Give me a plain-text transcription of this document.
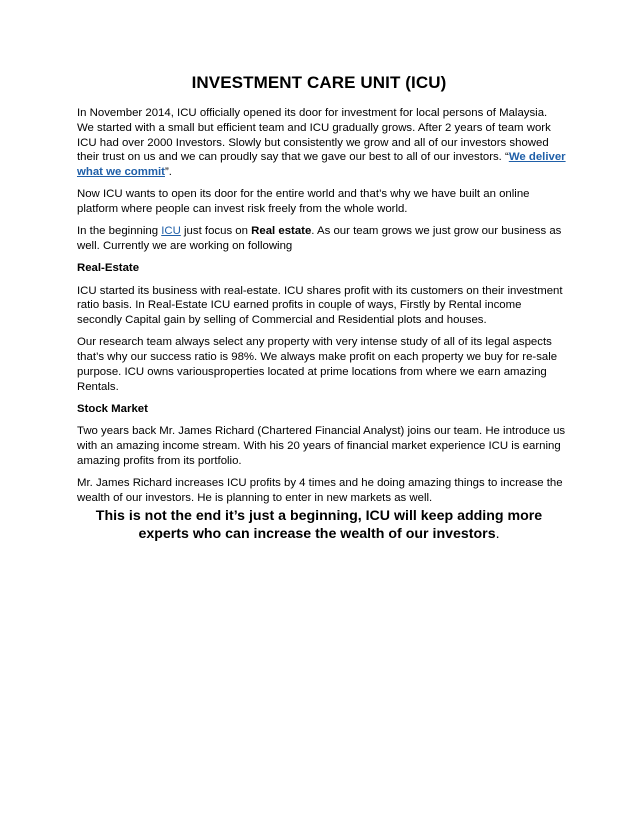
INVESTMENT CARE UNIT (ICU)

In November 2014, ICU officially opened its door for investment for local persons of Malaysia. We started with a small but efficient team and ICU gradually grows. After 2 years of team work ICU had over 2000 Investors. Slowly but consistently we grow and all of our investors showed their trust on us and we can proudly say that we gave our best to all of our investors. “We deliver what we commit”.

Now ICU wants to open its door for the entire world and that’s why we have built an online platform where people can invest risk freely from the whole world.

In the beginning ICU just focus on Real estate. As our team grows we just grow our business as well. Currently we are working on following

Real-Estate

ICU started its business with real-estate. ICU shares profit with its customers on their investment ratio basis. In Real-Estate ICU earned profits in couple of ways, Firstly by Rental income secondly Capital gain by selling of Commercial and Residential plots and houses.

Our research team always select any property with very intense study of all of its legal aspects that’s why our success ratio is 98%. We always make profit on each property we buy for re-sale purpose. ICU owns variousproperties located at prime locations from where we earn amazing Rentals.

Stock Market

Two years back Mr. James Richard (Chartered Financial Analyst) joins our team. He introduce us with an amazing income stream. With his 20 years of financial market experience ICU is earning amazing profits from its portfolio.

Mr. James Richard increases ICU profits by 4 times and he doing amazing things to increase the wealth of our investors. He is planning to enter in new markets as well.

This is not the end it’s just a beginning, ICU will keep adding more experts who can increase the wealth of our investors.
